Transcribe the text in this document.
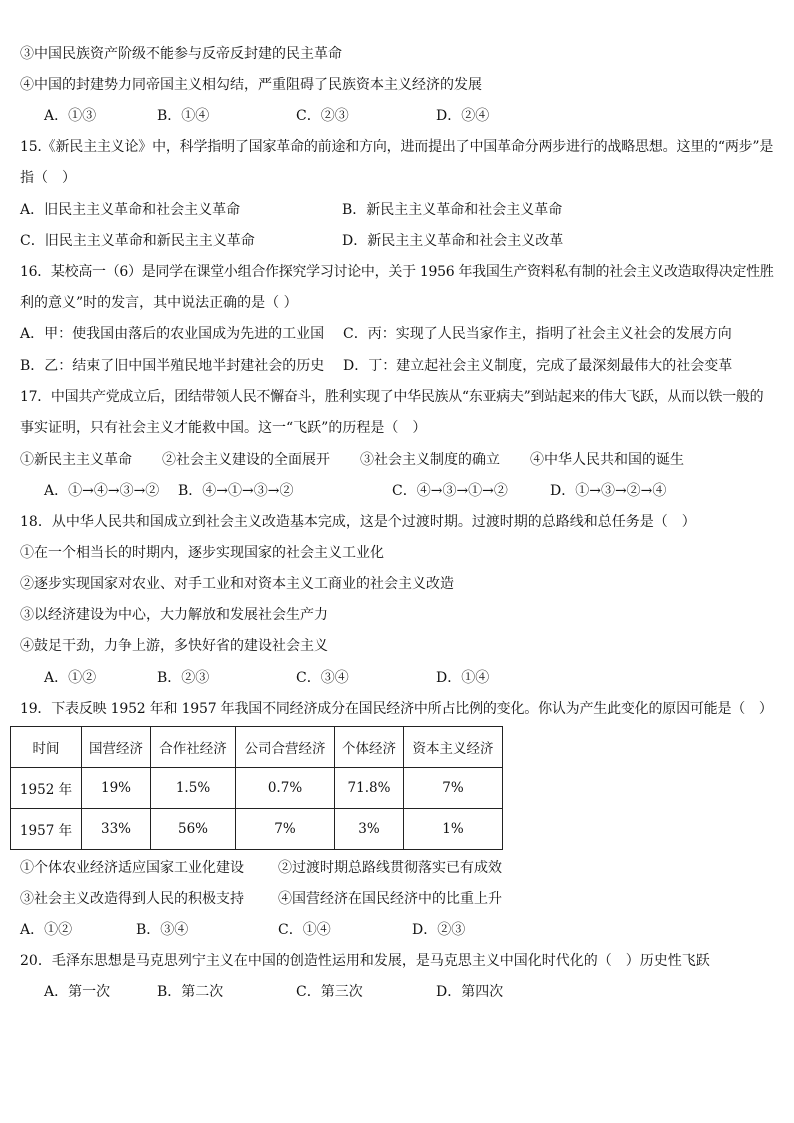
③中国民族资产阶级不能参与反帝反封建的民主革命
④中国的封建势力同帝国主义相勾结，严重阻碍了民族资本主义经济的发展
A．①③	B．①④	C．②③	D．②④
15.《新民主主义论》中，科学指明了国家革命的前途和方向，进而提出了中国革命分两步进行的战略思想。这里的“两步”是
指（　）
A．旧民主主义革命和社会主义革命	B．新民主主义革命和社会主义革命
C．旧民主主义革命和新民主主义革命	D．新民主主义革命和社会主义改革
16．某校高一（6）是同学在课堂小组合作探究学习讨论中，关于 1956 年我国生产资料私有制的社会主义改造取得决定性胜
利的意义”时的发言，其中说法正确的是（ ）
A．甲：使我国由落后的农业国成为先进的工业国 C．丙：实现了人民当家作主，指明了社会主义社会的发展方向
B．乙：结束了旧中国半殖民地半封建社会的历史 D．丁：建立起社会主义制度，完成了最深刻最伟大的社会变革
17．中国共产党成立后，团结带领人民不懈奋斗，胜利实现了中华民族从“东亚病夫”到站起来的伟大飞跃，从而以铁一般的
事实证明，只有社会主义才能救中国。这一“飞跃”的历程是（　）
①新民主主义革命 ②社会主义建设的全面展开 ③社会主义制度的确立 ④中华人民共和国的诞生
A．①→④→③→② B．④→①→③→②	C．④→③→①→②	D．①→③→②→④
18．从中华人民共和国成立到社会主义改造基本完成，这是个过渡时期。过渡时期的总路线和总任务是（　）
①在一个相当长的时期内，逐步实现国家的社会主义工业化
②逐步实现国家对农业、对手工业和对资本主义工商业的社会主义改造
③以经济建设为中心，大力解放和发展社会生产力
④鼓足干劲，力争上游，多快好省的建设社会主义
A．①②	B．②③	C．③④	D．①④
19．下表反映 1952 年和 1957 年我国不同经济成分在国民经济中所占比例的变化。你认为产生此变化的原因可能是（　）
时间	国营经济	合作社经济	公司合营经济	个体经济	资本主义经济
1952 年	19%	1.5%	0.7%	71.8%	7%
1957 年	33%	56%	7%	3%	1%
①个体农业经济适应国家工业化建设 ②过渡时期总路线贯彻落实已有成效
③社会主义改造得到人民的积极支持 ④国营经济在国民经济中的比重上升
A．①②	B．③④	C．①④	D．②③
20．毛泽东思想是马克思列宁主义在中国的创造性运用和发展，是马克思主义中国化时代化的（　）历史性飞跃
A．第一次	B．第二次	C．第三次	D．第四次
